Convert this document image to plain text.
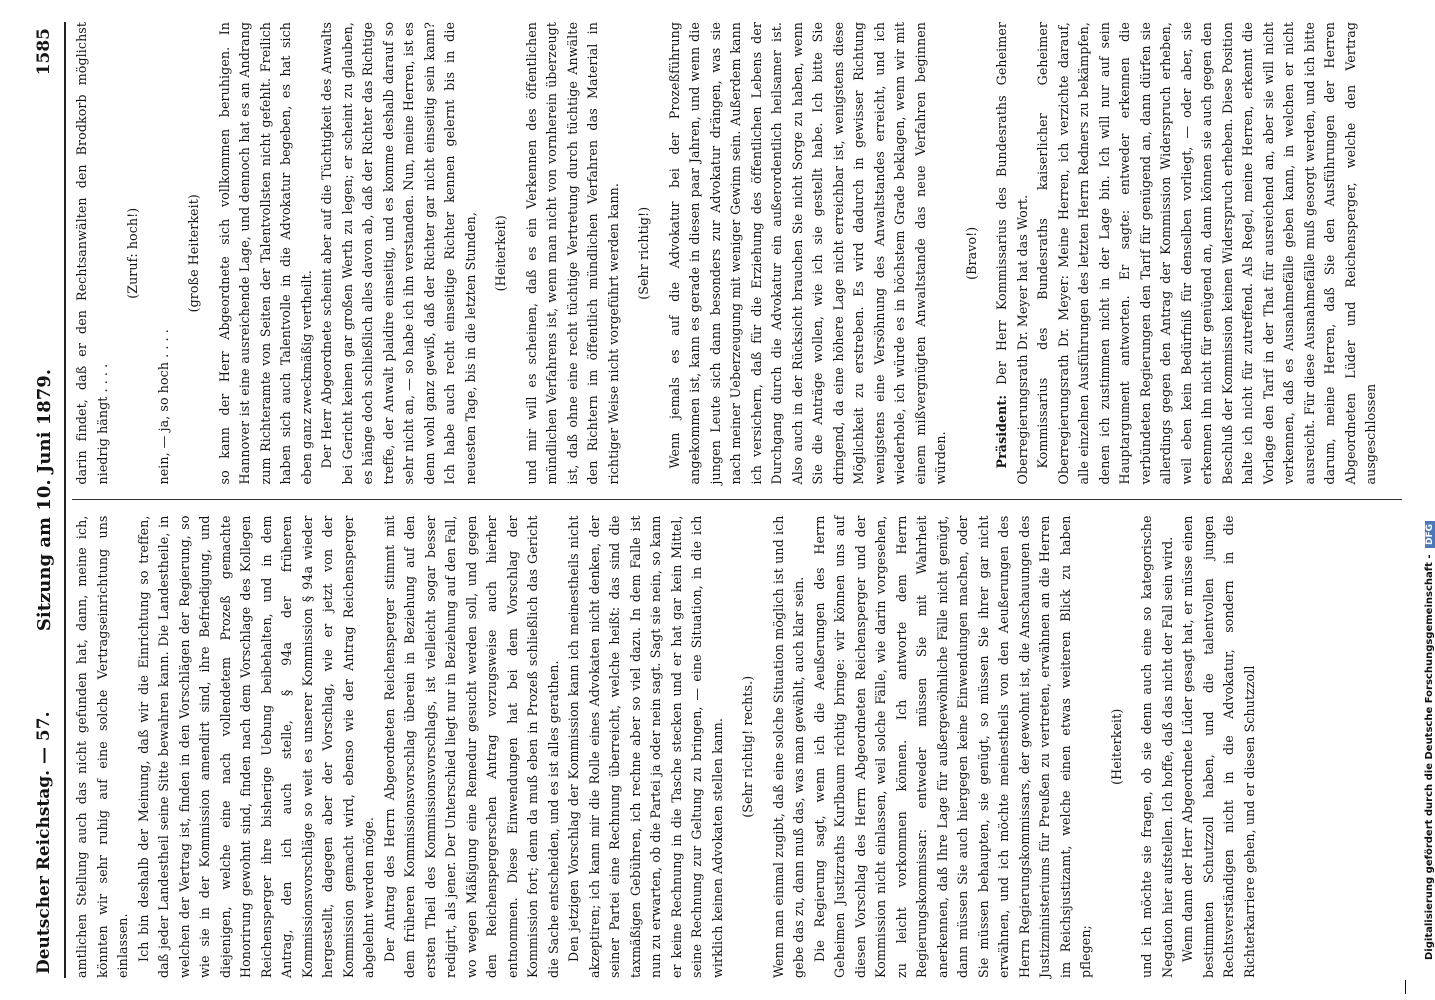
Deutscher Reichstag. — 57.
Sitzung am 10. Juni 1879.
1585

amtlichen Stellung auch das nicht gefunden hat, dann, meine ich, könnten wir sehr ruhig auf eine solche Vertragseinrichtung uns einlassen. Ich bin deshalb der Meinung, daß wir die Einrichtung so treffen, daß jeder Landestheil seine Sitte bewahren kann. Die Landestheile, in welchen der Vertrag ist, finden in den Vorschlägen der Regierung, so wie sie in der Kommission amendirt sind, ihre Befriedigung, und diejenigen, welche eine nach vollendetem Prozeß gemachte Honorirung gewohnt sind, finden nach dem Vorschlage des Kollegen Reichensperger ihre bisherige Uebung beibehalten, und in dem Antrag, den ich auch stelle, § 94a der früheren Kommissionsvorschläge so weit es unserer Kommission § 94a wieder hergestellt, dagegen aber der Vorschlag, wie er jetzt von der Kommission gemacht wird, ebenso wie der Antrag Reichensperger abgelehnt werden möge. Der Antrag des Herrn Abgeordneten Reichensperger stimmt mit dem früheren Kommissionsvorschlag überein in Beziehung auf den ersten Theil des Kommissionsvorschlags, ist vielleicht sogar besser redigirt, als jener. Der Unterschied liegt nur in Beziehung auf den Fall, wo wegen Mäßigung eine Remedur gesucht werden soll, und gegen den Reichenspergerschen Antrag vorzugsweise auch hierher entnommen. Diese Einwendungen hat bei dem Vorschlag der Kommission fort; denn da muß eben in Prozeß schließlich das Gericht die Sache entscheiden, und es ist alles gerathen. Den jetzigen Vorschlag der Kommission kann ich meinestheils nicht akzeptiren; ich kann mir die Rolle eines Advokaten nicht denken, der seiner Partei eine Rechnung überreicht, welche heißt: das sind die taxmäßigen Gebühren, ich rechne aber so viel dazu. In dem Falle ist nun zu erwarten, ob die Partei ja oder nein sagt. Sagt sie nein, so kann er keine Rechnung in die Tasche stecken und er hat gar kein Mittel, seine Rechnung zur Geltung zu bringen, — eine Situation, in die ich wirklich keinen Advokaten stellen kann. (Sehr richtig! rechts.) Wenn man einmal zugibt, daß eine solche Situation möglich ist und ich gebe das zu, dann muß das, was man gewählt, auch klar sein. Die Regierung sagt, wenn ich die Aeußerungen des Herrn Geheimen Justizraths Kurlbaum richtig bringe: wir können uns auf diesen Vorschlag des Herrn Abgeordneten Reichensperger und der Kommission nicht einlassen, weil solche Fälle, wie darin vorgesehen, zu leicht vorkommen können. Ich antworte dem Herrn Regierungskommissar: entweder müssen Sie mit Wahrheit anerkennen, daß Ihre Lage für außergewöhnliche Fälle nicht genügt, dann müssen Sie auch hiergegen keine Einwendungen machen, oder Sie müssen behaupten, sie genügt, so müssen Sie ihrer gar nicht erwähnen, und ich möchte meinestheils von den Aeußerungen des Herrn Regierungskommissars, der gewohnt ist, die Anschauungen des Justizministeriums für Preußen zu vertreten, erwähnen an die Herren im Reichsjustizamt, welche einen etwas weiteren Blick zu haben pflegen;

(Heiterkeit) und ich möchte sie fragen, ob sie denn auch eine so kategorische Negation hier aufstellen. Ich hoffe, daß das nicht der Fall sein wird. Wenn dann der Herr Abgeordnete Lüder gesagt hat, er müsse einen bestimmten Schutzzoll haben, und die talentvollen jungen Rechtsverständigen nicht in die Advokatur, sondern in die Richterkarriere gehen, und er diesen Schutzzoll

darin findet, daß er den Rechtsanwälten den Brodkorb möglichst niedrig hängt . . . .

(Zuruf: hoch!)

nein, — ja, so hoch . . . .

(große Heiterkeit) so kann der Herr Abgeordnete sich vollkommen beruhigen. In Hannover ist eine ausreichende Lage, und dennoch hat es an Andrang zum Richteramte von Seiten der Talentvollsten nicht gefehlt. Freilich haben sich auch Talentvolle in die Advokatur begeben, es hat sich eben ganz zweckmäßig vertheilt. Der Herr Abgeordnete scheint aber auf die Tüchtigkeit des Anwalts bei Gericht keinen gar großen Werth zu legen; er scheint zu glauben, es hänge doch schließlich alles davon ab, daß der Richter das Richtige treffe, der Anwalt plaidire einseitig, und es komme deshalb darauf so sehr nicht an, — so habe ich ihn verstanden. Nun, meine Herren, ist es denn wohl ganz gewiß, daß der Richter gar nicht einseitig sein kann? Ich habe auch recht einseitige Richter kennen gelernt bis in die neuesten Tage, bis in die letzten Stunden, (Heiterkeit) und mir will es scheinen, daß es ein Verkennen des öffentlichen mündlichen Verfahrens ist, wenn man nicht von vornherein überzeugt ist, daß ohne eine recht tüchtige Vertretung durch tüchtige Anwälte den Richtern im öffentlich mündlichen Verfahren das Material in richtiger Weise nicht vorgeführt werden kann. (Sehr richtig!) Wenn jemals es auf die Advokatur bei der Prozeßführung angekommen ist, kann es gerade in diesen paar Jahren, und wenn die jungen Leute sich dann besonders zur Advokatur drängen, was sie nach meiner Ueberzeugung mit weniger Gewinn sein. Außerdem kann ich versichern, daß für die Erziehung des öffentlichen Lebens der Durchgang durch die Advokatur ein außerordentlich heilsamer ist. Also auch in der Rücksicht brauchen Sie nicht Sorge zu haben, wenn Sie die Anträge wollen, wie ich sie gestellt habe. Ich bitte Sie dringend, da eine höhere Lage nicht erreichbar ist, wenigstens diese Möglichkeit zu erstreben. Es wird dadurch in gewisser Richtung wenigstens eine Versöhnung des Anwaltstandes erreicht, und ich wiederhole, ich würde es in höchstem Grade beklagen, wenn wir mit einem mißvergnügten Anwaltstande das neue Verfahren beginnen würden.

(Bravo!)

Präsident: Der Herr Kommissarius des Bundesraths Geheimer Oberregierungsrath Dr. Meyer hat das Wort. Kommissarius des Bundesraths kaiserlicher Geheimer Oberregierungsrath Dr. Meyer: Meine Herren, ich verzichte darauf, alle einzelnen Ausführungen des letzten Herrn Redners zu bekämpfen, denen ich zustimmen nicht in der Lage bin. Ich will nur auf sein Hauptargument antworten. Er sagte: entweder erkennen die verbündeten Regierungen den Tarif für genügend an, dann dürfen sie allerdings gegen den Antrag der Kommission Widerspruch erheben, weil eben kein Bedürfniß für denselben vorliegt, — oder aber, sie erkennen ihn nicht für genügend an, dann können sie auch gegen den Beschluß der Kommission keinen Widerspruch erheben. Diese Position halte ich nicht für zutreffend. Als Regel, meine Herren, erkennt die Vorlage den Tarif in der That für ausreichend an, aber sie will nicht verkennen, daß es Ausnahmefälle geben kann, in welchen er nicht ausreicht. Für diese Ausnahmefälle muß gesorgt werden, und ich bitte darum, meine Herren, daß Sie den Ausführungen der Herren Abgeordneten Lüder und Reichensperger, welche den Vertrag ausgeschlossen

Digitalisierung gefördert durch die Deutsche Forschungsgemeinschaft - DFG
